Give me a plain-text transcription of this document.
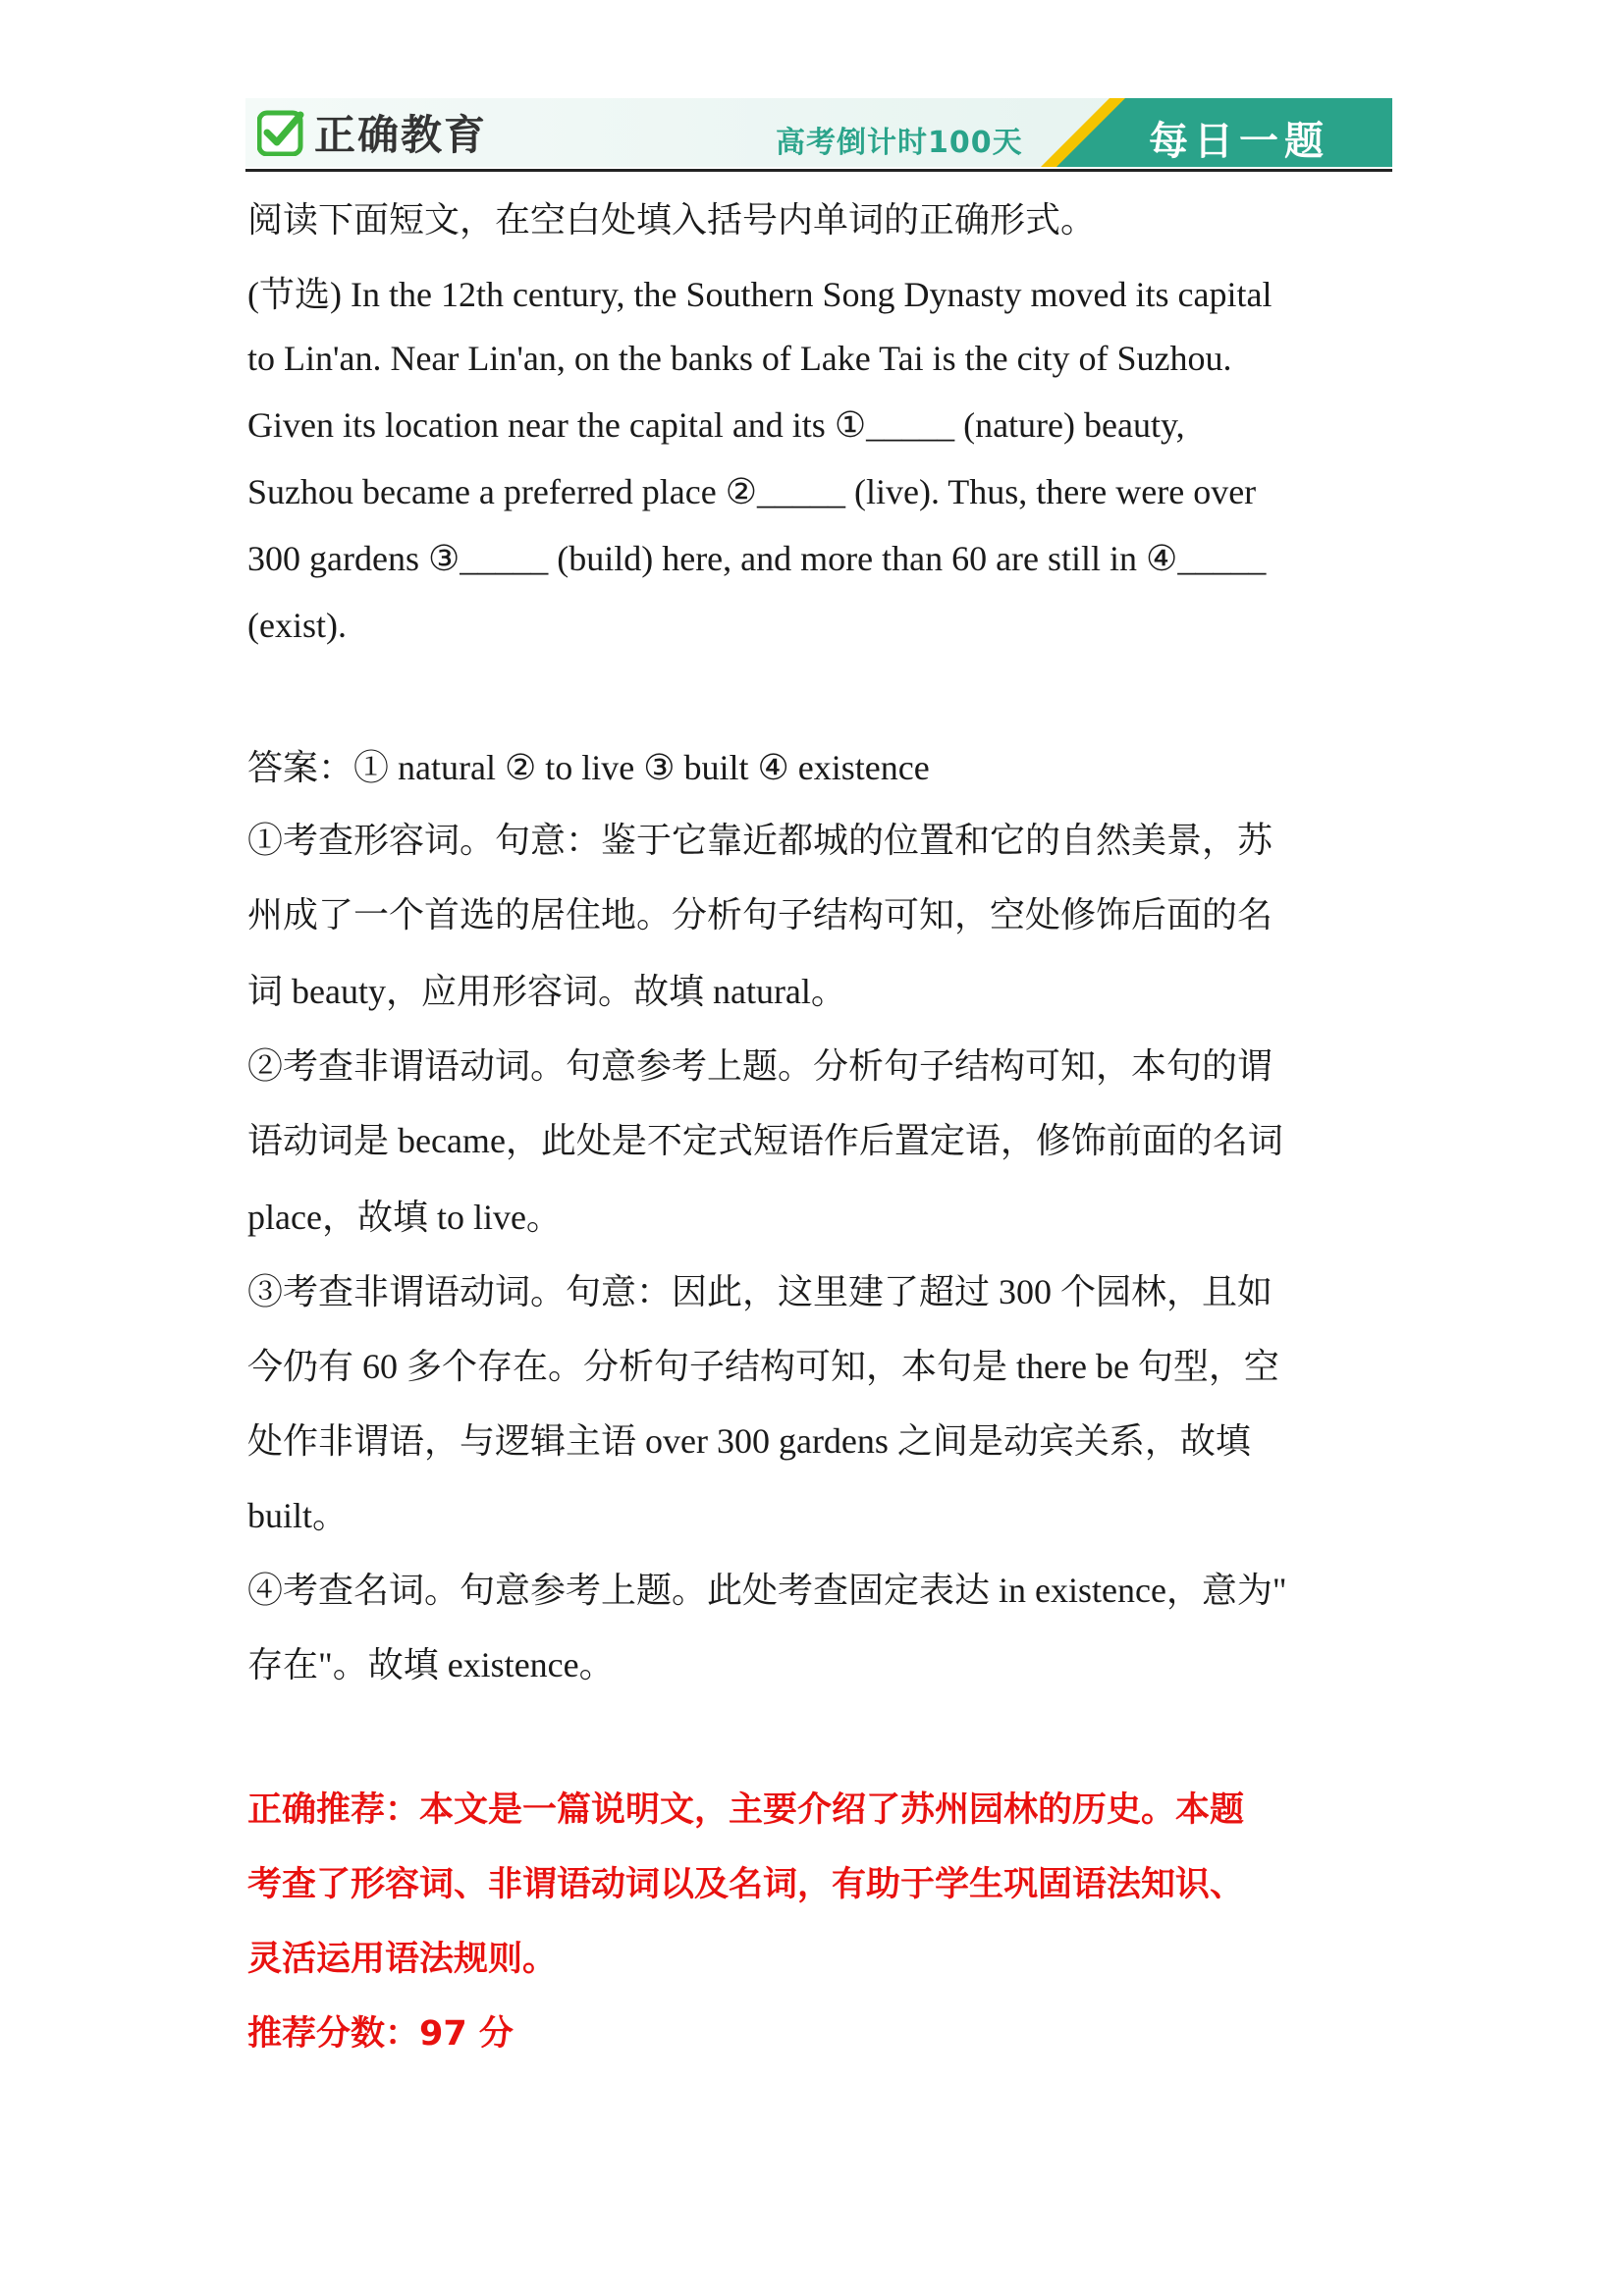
正确教育	高考倒计时100天	每日一题
阅读下面短文，在空白处填入括号内单词的正确形式。
(节选) In the 12th century, the Southern Song Dynasty moved its capital
to Lin'an. Near Lin'an, on the banks of Lake Tai is the city of Suzhou.
Given its location near the capital and its ①_____ (nature) beauty,
Suzhou became a preferred place ②_____ (live). Thus, there were over
300 gardens ③_____ (build) here, and more than 60 are still in ④_____
(exist).
答案：① natural ② to live ③ built ④ existence
①考查形容词。句意：鉴于它靠近都城的位置和它的自然美景，苏
州成了一个首选的居住地。分析句子结构可知，空处修饰后面的名
词 beauty，应用形容词。故填 natural。
②考查非谓语动词。句意参考上题。分析句子结构可知，本句的谓
语动词是 became，此处是不定式短语作后置定语，修饰前面的名词
place，故填 to live。
③考查非谓语动词。句意：因此，这里建了超过 300 个园林，且如
今仍有 60 多个存在。分析句子结构可知，本句是 there be 句型，空
处作非谓语，与逻辑主语 over 300 gardens 之间是动宾关系，故填
built。
④考查名词。句意参考上题。此处考查固定表达 in existence，意为"
存在"。故填 existence。
正确推荐：本文是一篇说明文，主要介绍了苏州园林的历史。本题
考查了形容词、非谓语动词以及名词，有助于学生巩固语法知识、
灵活运用语法规则。
推荐分数：97 分
